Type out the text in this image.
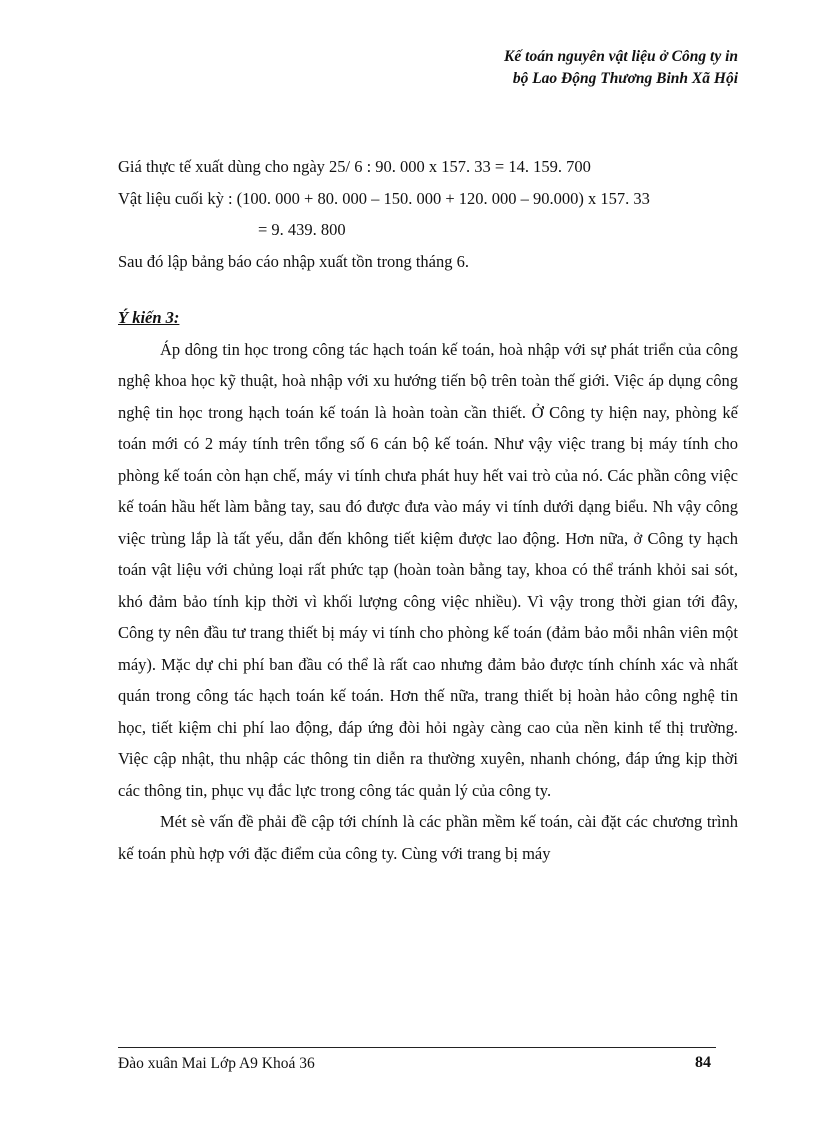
Kế toán nguyên vật liệu ở Công ty in
bộ Lao Động Thương Binh Xã Hội
Giá thực tế xuất dùng cho ngày 25/ 6 : 90. 000 x 157. 33 = 14. 159. 700
Vật liệu cuối kỳ : (100. 000 + 80. 000 – 150. 000 + 120. 000 – 90.000) x 157. 33
= 9. 439. 800
Sau đó lập bảng báo cáo nhập xuất tồn trong tháng 6.
Ý kiến 3:

Áp dông tin học trong công tác hạch toán kế toán, hoà nhập với sự phát triển của công nghệ khoa học kỹ thuật, hoà nhập với xu hướng tiến bộ trên toàn thế giới. Việc áp dụng công nghệ tin học trong hạch toán kế toán là hoàn toàn cần thiết. Ở Công ty hiện nay, phòng kế toán mới có 2 máy tính trên tổng số 6 cán bộ kế toán. Như vậy việc trang bị máy tính cho phòng kế toán còn hạn chế, máy vi tính chưa phát huy hết vai trò của nó. Các phần công việc kế toán hầu hết làm bằng tay, sau đó được đưa vào máy vi tính dưới dạng biểu. Nh vậy công việc trùng lắp là tất yếu, dẫn đến không tiết kiệm được lao động. Hơn nữa, ở Công ty hạch toán vật liệu với chủng loại rất phức tạp (hoàn toàn bằng tay, khoa có thể tránh khỏi sai sót, khó đảm bảo tính kịp thời vì khối lượng công việc nhiều). Vì vậy trong thời gian tới đây, Công ty nên đầu tư trang thiết bị máy vi tính cho phòng kế toán (đảm bảo mỗi nhân viên một máy). Mặc dự chi phí ban đầu có thể là rất cao nhưng đảm bảo được tính chính xác và nhất quán trong công tác hạch toán kế toán. Hơn thế nữa, trang thiết bị hoàn hảo công nghệ tin học, tiết kiệm chi phí lao động, đáp ứng đòi hỏi ngày càng cao của nền kinh tế thị trường. Việc cập nhật, thu nhập các thông tin diễn ra thường xuyên, nhanh chóng, đáp ứng kịp thời các thông tin, phục vụ đắc lực trong công tác quản lý của công ty.

Mét sè vấn đề phải đề cập tới chính là các phần mềm kế toán, cài đặt các chương trình kế toán phù hợp với đặc điểm của công ty. Cùng với trang bị máy

Đào xuân Mai Lớp A9 Khoá 36	84
